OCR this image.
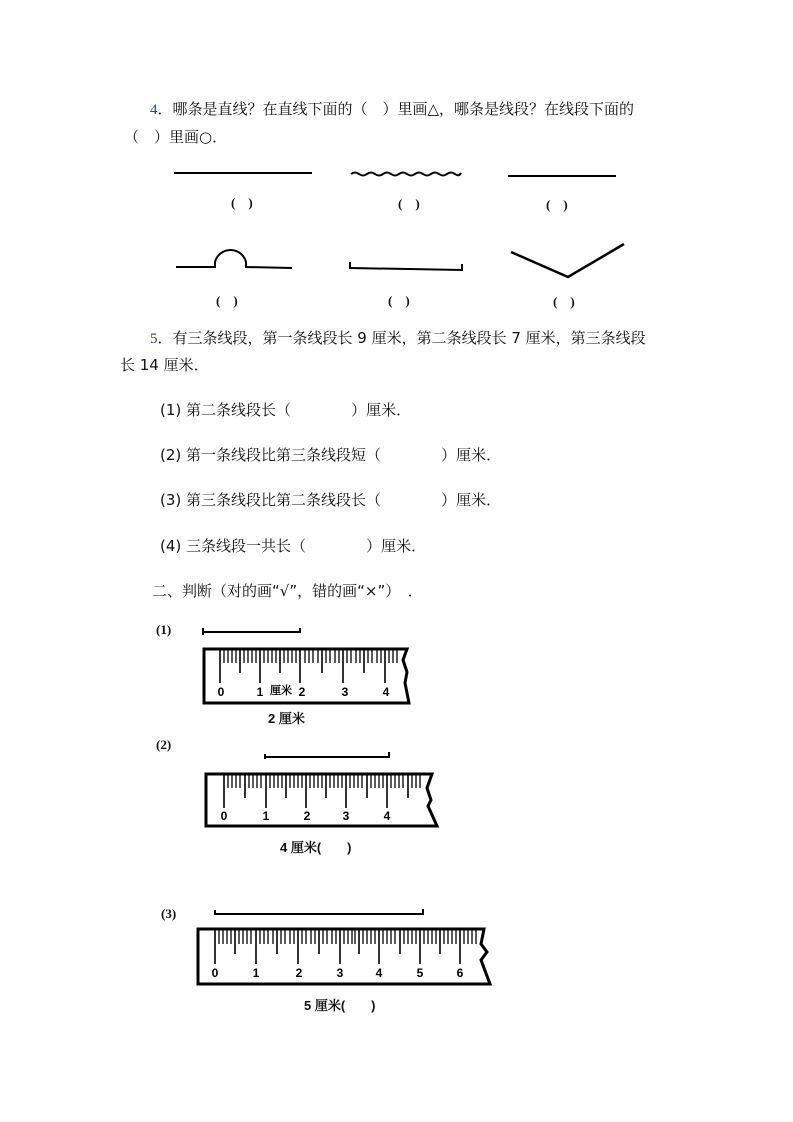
4．哪条是直线？在直线下面的（　）里画△，哪条是线段？在线段下面的
（　）里画○．
(　)	(　)	(　)
(　)	(　)	(　)
5．有三条线段，第一条线段长 9 厘米，第二条线段长 7 厘米，第三条线段
长 14 厘米．
(1) 第二条线段长（　　　　	）厘米．
(2) 第一条线段比第三条线段短（　　　　	）厘米．
(3) 第三条线段比第二条线段长（　　　　	）厘米．
(4) 三条线段一共长（　　　　	）厘米．
二、判断（对的画“√”，错的画“×”）　．
(1)
0	1	2	3	4
厘米
2 厘米
(2)
0	1	2	3	4
4 厘米(　　)
(3)
0	1	2	3	4	5	6
5 厘米(　　)
